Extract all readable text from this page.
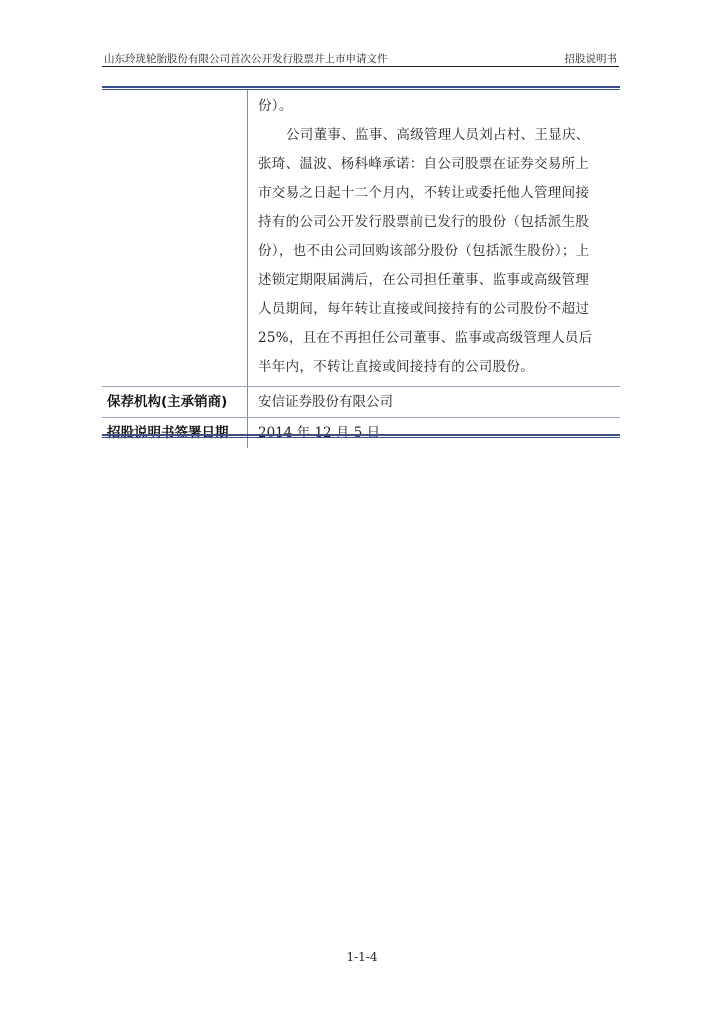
山东玲珑轮胎股份有限公司首次公开发行股票并上市申请文件	招股说明书
份）。
公司董事、监事、高级管理人员刘占村、王显庆、
张琦、温波、杨科峰承诺：自公司股票在证券交易所上
市交易之日起十二个月内，不转让或委托他人管理间接
持有的公司公开发行股票前已发行的股份（包括派生股
份），也不由公司回购该部分股份（包括派生股份）；上
述锁定期限届满后，在公司担任董事、监事或高级管理
人员期间，每年转让直接或间接持有的公司股份不超过
25%，且在不再担任公司董事、监事或高级管理人员后
半年内，不转让直接或间接持有的公司股份。
保荐机构(主承销商)	安信证券股份有限公司
招股说明书签署日期	2014 年 12 月 5 日
1-1-4
